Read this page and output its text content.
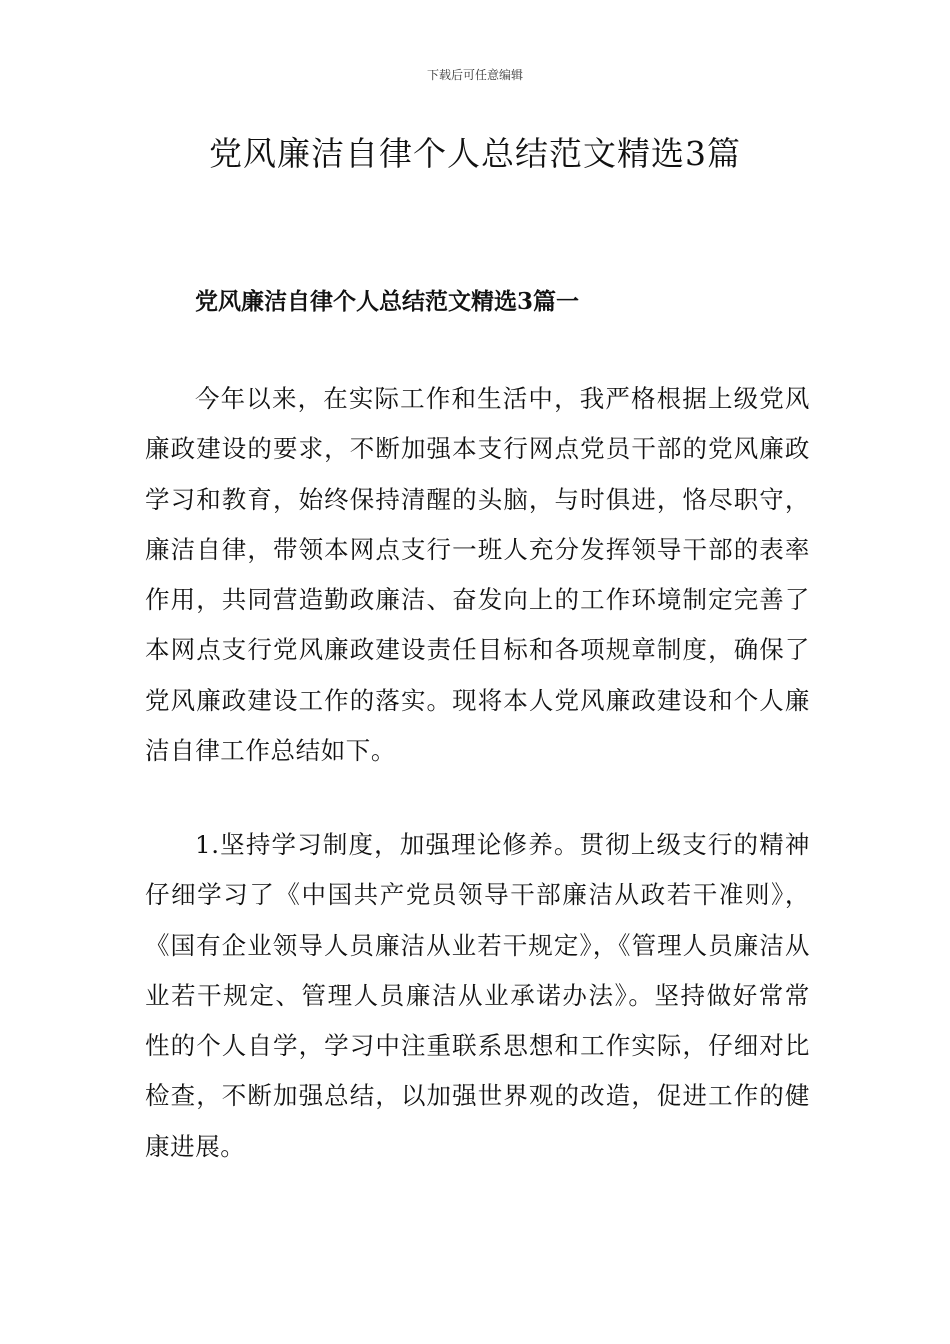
下载后可任意编辑
党风廉洁自律个人总结范文精选3篇
党风廉洁自律个人总结范文精选3篇一

今年以来，在实际工作和生活中，我严格根据上级党风廉政建设的要求，不断加强本支行网点党员干部的党风廉政学习和教育，始终保持清醒的头脑，与时俱进，恪尽职守，廉洁自律，带领本网点支行一班人充分发挥领导干部的表率作用，共同营造勤政廉洁、奋发向上的工作环境制定完善了本网点支行党风廉政建设责任目标和各项规章制度，确保了党风廉政建设工作的落实。现将本人党风廉政建设和个人廉洁自律工作总结如下。

1.坚持学习制度，加强理论修养。贯彻上级支行的精神仔细学习了《中国共产党员领导干部廉洁从政若干准则》，《国有企业领导人员廉洁从业若干规定》，《管理人员廉洁从业若干规定、管理人员廉洁从业承诺办法》。坚持做好常常性的个人自学，学习中注重联系思想和工作实际，仔细对比检查，不断加强总结，以加强世界观的改造，促进工作的健康进展。
